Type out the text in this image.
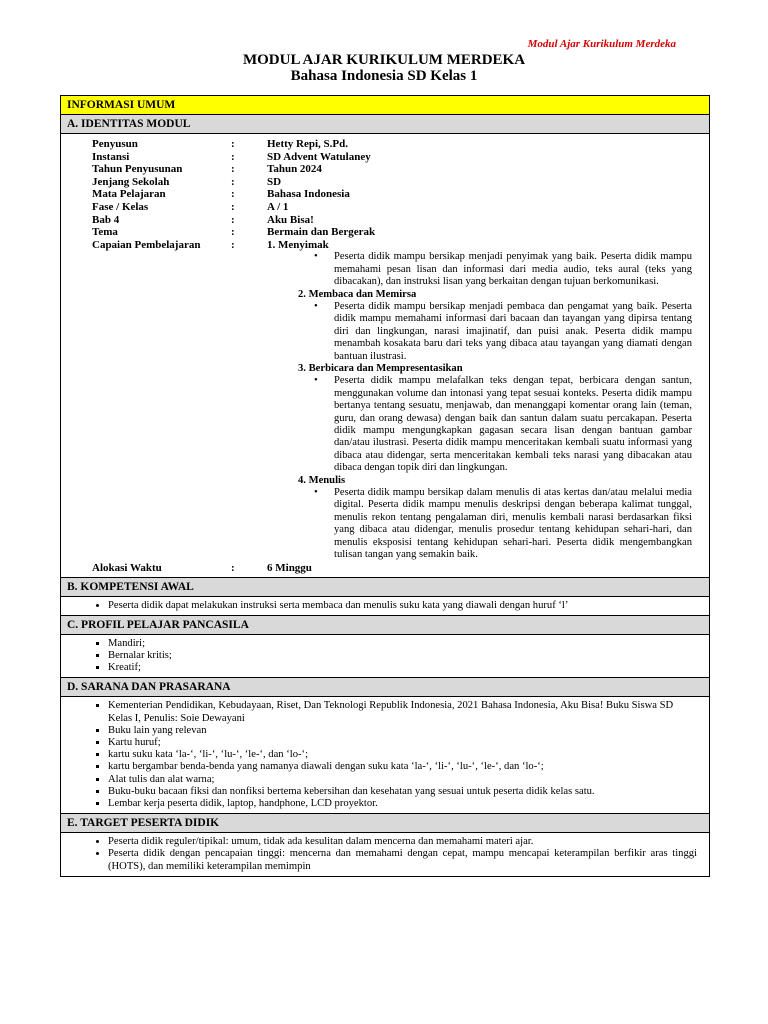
Modul Ajar Kurikulum Merdeka
MODUL AJAR KURIKULUM MERDEKA
Bahasa Indonesia SD Kelas 1
INFORMASI UMUM
A. IDENTITAS MODUL
Penyusun	:	Hetty Repi, S.Pd.
Instansi	:	SD Advent Watulaney
Tahun Penyusunan	:	Tahun 2024
Jenjang Sekolah	:	SD
Mata Pelajaran	:	Bahasa Indonesia
Fase / Kelas	:	A / 1
Bab 4	:	Aku Bisa!
Tema	:	Bermain dan Bergerak
Capaian Pembelajaran	:	1. Menyimak
•	Peserta didik mampu bersikap menjadi penyimak yang baik. Peserta didik mampu memahami pesan lisan dan informasi dari media audio, teks aural (teks yang dibacakan), dan instruksi lisan yang berkaitan dengan tujuan berkomunikasi.
2. Membaca dan Memirsa
•	Peserta didik mampu bersikap menjadi pembaca dan pengamat yang baik. Peserta didik mampu memahami informasi dari bacaan dan tayangan yang dipirsa tentang diri dan lingkungan, narasi imajinatif, dan puisi anak. Peserta didik mampu menambah kosakata baru dari teks yang dibaca atau tayangan yang diamati dengan bantuan ilustrasi.
3. Berbicara dan Mempresentasikan
•	Peserta didik mampu melafalkan teks dengan tepat, berbicara dengan santun, menggunakan volume dan intonasi yang tepat sesuai konteks. Peserta didik mampu bertanya tentang sesuatu, menjawab, dan menanggapi komentar orang lain (teman, guru, dan orang dewasa) dengan baik dan santun dalam suatu percakapan. Peserta didik mampu mengungkapkan gagasan secara lisan dengan bantuan gambar dan/atau ilustrasi. Peserta didik mampu menceritakan kembali suatu informasi yang dibaca atau didengar, serta menceritakan kembali teks narasi yang dibacakan atau dibaca dengan topik diri dan lingkungan.
4. Menulis
•	Peserta didik mampu bersikap dalam menulis di atas kertas dan/atau melalui media digital. Peserta didik mampu menulis deskripsi dengan beberapa kalimat tunggal, menulis rekon tentang pengalaman diri, menulis kembali narasi berdasarkan fiksi yang dibaca atau didengar, menulis prosedur tentang kehidupan sehari-hari, dan menulis eksposisi tentang kehidupan sehari-hari. Peserta didik mengembangkan tulisan tangan yang semakin baik.
Alokasi Waktu	:	6 Minggu
B. KOMPETENSI AWAL
• Peserta didik dapat melakukan instruksi serta membaca dan menulis suku kata yang diawali dengan huruf ‘l’
C. PROFIL PELAJAR PANCASILA
▪ Mandiri;
▪ Bernalar kritis;
▪ Kreatif;
D. SARANA DAN PRASARANA
▪ Kementerian Pendidikan, Kebudayaan, Riset, Dan Teknologi Republik Indonesia, 2021 Bahasa Indonesia, Aku Bisa! Buku Siswa SD Kelas I, Penulis: Soie Dewayani
▪ Buku lain yang relevan
▪ Kartu huruf;
▪ kartu suku kata ‘la-‘, ‘li-‘, ‘lu-‘, ‘le-‘, dan ‘lo-‘;
▪ kartu bergambar benda-benda yang namanya diawali dengan suku kata ‘la-‘, ‘li-‘, ‘lu-‘, ‘le-‘, dan ‘lo-‘;
▪ Alat tulis dan alat warna;
▪ Buku-buku bacaan fiksi dan nonfiksi bertema kebersihan dan kesehatan yang sesuai untuk peserta didik kelas satu.
▪ Lembar kerja peserta didik, laptop, handphone, LCD proyektor.
E. TARGET PESERTA DIDIK
• Peserta didik reguler/tipikal: umum, tidak ada kesulitan dalam mencerna dan memahami materi ajar.
• Peserta didik dengan pencapaian tinggi: mencerna dan memahami dengan cepat, mampu mencapai keterampilan berfikir aras tinggi (HOTS), dan memiliki keterampilan memimpin
